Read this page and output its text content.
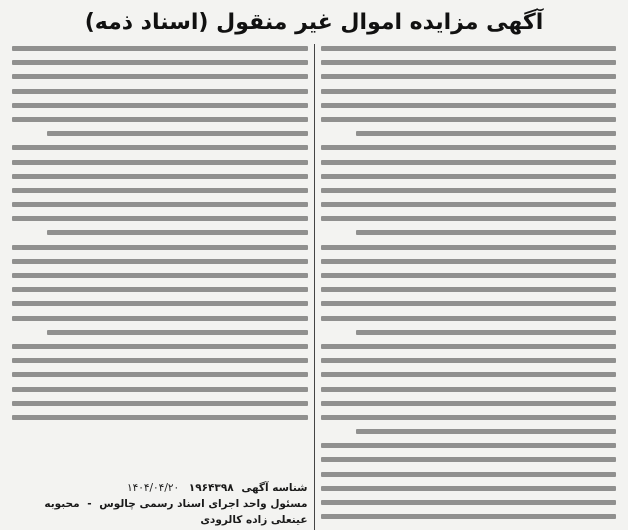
آگهی مزایده اموال غیر منقول (اسناد ذمه)
شناسه آگهی ۱۹۶۴۳۹۸ ۱۴۰۴/۰۴/۲۰
مسئول واحد اجرای اسناد رسمی چالوس - محبوبه عینعلی زاده کالرودی
